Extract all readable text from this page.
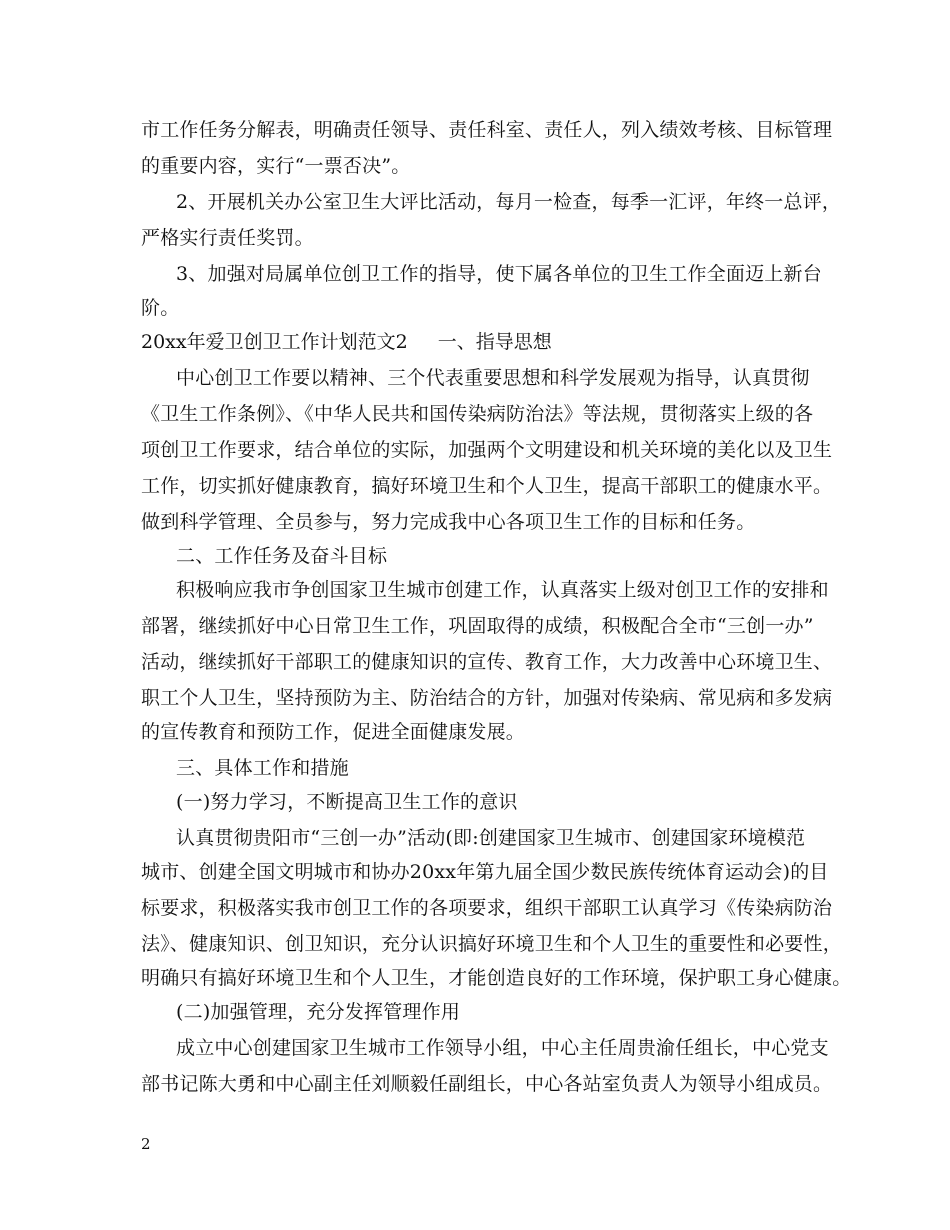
市工作任务分解表，明确责任领导、责任科室、责任人，列入绩效考核、目标管理
的重要内容，实行“一票否决”。
2、开展机关办公室卫生大评比活动，每月一检查，每季一汇评，年终一总评，
严格实行责任奖罚。
3、加强对局属单位创卫工作的指导，使下属各单位的卫生工作全面迈上新台
阶。
20xx年爱卫创卫工作计划范文2 一、指导思想
中心创卫工作要以精神、三个代表重要思想和科学发展观为指导，认真贯彻
《卫生工作条例》、《中华人民共和国传染病防治法》等法规，贯彻落实上级的各
项创卫工作要求，结合单位的实际，加强两个文明建设和机关环境的美化以及卫生
工作，切实抓好健康教育，搞好环境卫生和个人卫生，提高干部职工的健康水平。
做到科学管理、全员参与，努力完成我中心各项卫生工作的目标和任务。
二、工作任务及奋斗目标
积极响应我市争创国家卫生城市创建工作，认真落实上级对创卫工作的安排和
部署，继续抓好中心日常卫生工作，巩固取得的成绩，积极配合全市“三创一办”
活动，继续抓好干部职工的健康知识的宣传、教育工作，大力改善中心环境卫生、
职工个人卫生，坚持预防为主、防治结合的方针，加强对传染病、常见病和多发病
的宣传教育和预防工作，促进全面健康发展。
三、具体工作和措施
(一)努力学习，不断提高卫生工作的意识
认真贯彻贵阳市“三创一办”活动(即:创建国家卫生城市、创建国家环境模范
城市、创建全国文明城市和协办20xx年第九届全国少数民族传统体育运动会)的目
标要求，积极落实我市创卫工作的各项要求，组织干部职工认真学习《传染病防治
法》、健康知识、创卫知识，充分认识搞好环境卫生和个人卫生的重要性和必要性，
明确只有搞好环境卫生和个人卫生，才能创造良好的工作环境，保护职工身心健康。
(二)加强管理，充分发挥管理作用
成立中心创建国家卫生城市工作领导小组，中心主任周贵渝任组长，中心党支
部书记陈大勇和中心副主任刘顺毅任副组长，中心各站室负责人为领导小组成员。
2
